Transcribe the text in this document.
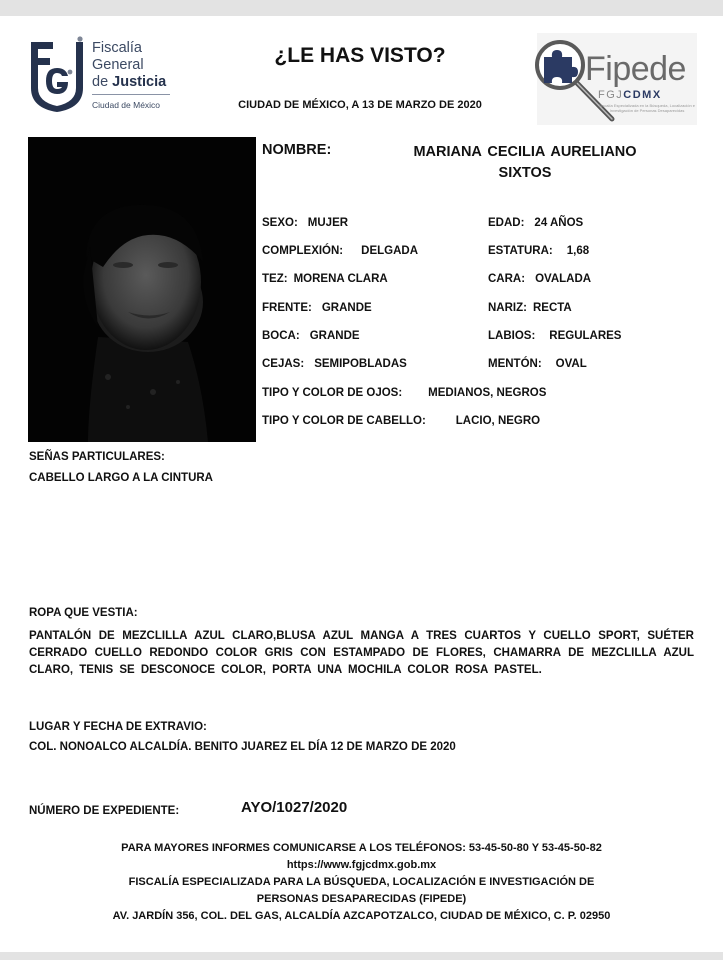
Fiscalía
General
de Justicia
Ciudad de México
¿LE HAS VISTO?
CIUDAD DE MÉXICO, A 13 DE MARZO DE 2020
Fipede
FGJCDMX
Fiscalía Especializada en la Búsqueda, Localización e Investigación de Personas Desaparecidas
NOMBRE:	MARIANA CECILIA AURELIANO
SIXTOS
SEXO: MUJER	EDAD: 24 AÑOS
COMPLEXIÓN: DELGADA	ESTATURA: 1,68
TEZ: MORENA CLARA	CARA: OVALADA
FRENTE: GRANDE	NARIZ: RECTA
BOCA: GRANDE	LABIOS: REGULARES
CEJAS: SEMIPOBLADAS	MENTÓN: OVAL
TIPO Y COLOR DE OJOS: MEDIANOS, NEGROS
TIPO Y COLOR DE CABELLO:	LACIO, NEGRO
SEÑAS PARTICULARES:
CABELLO LARGO A LA CINTURA
ROPA QUE VESTIA:
PANTALÓN DE MEZCLILLA AZUL CLARO,BLUSA AZUL MANGA A TRES CUARTOS Y CUELLO SPORT, SUÉTER CERRADO CUELLO REDONDO COLOR GRIS CON ESTAMPADO DE FLORES, CHAMARRA DE MEZCLILLA AZUL CLARO, TENIS SE DESCONOCE COLOR, PORTA UNA MOCHILA COLOR ROSA PASTEL.
LUGAR Y FECHA DE EXTRAVIO:
COL. NONOALCO ALCALDÍA. BENITO JUAREZ EL DÍA 12 DE MARZO DE 2020
NÚMERO DE EXPEDIENTE:	AYO/1027/2020
PARA MAYORES INFORMES COMUNICARSE A LOS TELÉFONOS: 53-45-50-80 Y 53-45-50-82
https://www.fgjcdmx.gob.mx
FISCALÍA ESPECIALIZADA PARA LA BÚSQUEDA, LOCALIZACIÓN E INVESTIGACIÓN DE
PERSONAS DESAPARECIDAS (FIPEDE)
AV. JARDÍN 356, COL. DEL GAS, ALCALDÍA AZCAPOTZALCO, CIUDAD DE MÉXICO, C. P. 02950
